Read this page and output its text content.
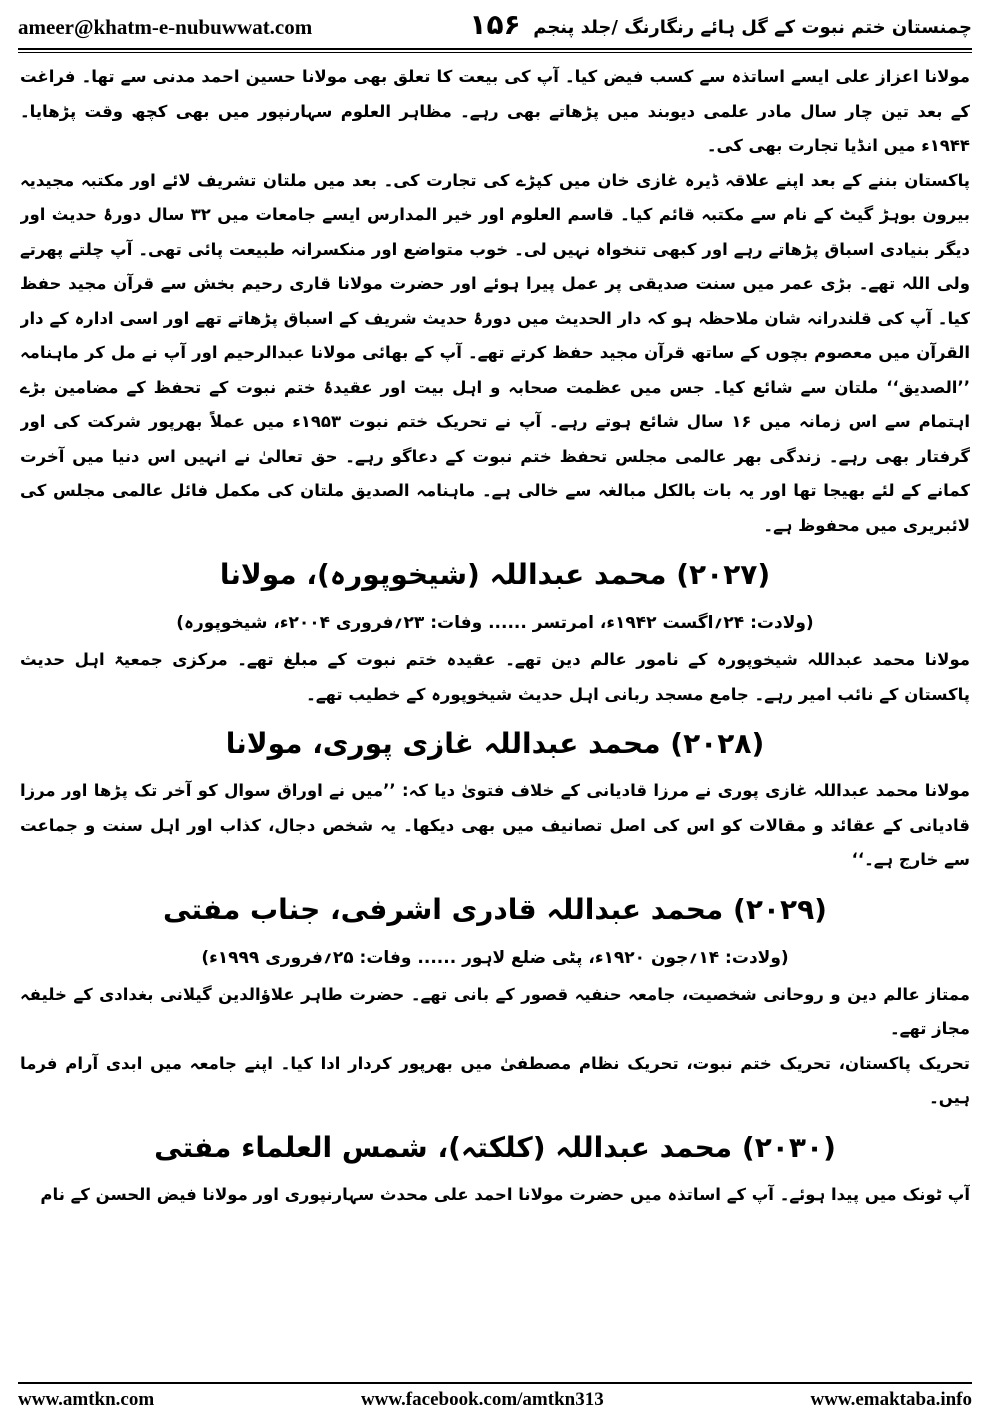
ameer@khatm-e-nubuwwat.com	۱۵۶ چمنستان ختم نبوت کے گل ہائے رنگارنگ /جلد پنجم

مولانا اعزاز علی ایسے اساتذہ سے کسب فیض کیا۔ آپ کی بیعت کا تعلق بھی مولانا حسین احمد مدنی سے تھا۔ فراغت کے بعد تین چار سال مادر علمی دیوبند میں پڑھاتے بھی رہے۔ مظاہر العلوم سہارنپور میں بھی کچھ وقت پڑھایا۔ ۱۹۴۴ء میں انڈیا تجارت بھی کی۔

پاکستان بننے کے بعد اپنے علاقہ ڈیرہ غازی خان میں کپڑے کی تجارت کی۔ بعد میں ملتان تشریف لائے اور مکتبہ مجیدیہ بیرون بوہڑ گیٹ کے نام سے مکتبہ قائم کیا۔ قاسم العلوم اور خیر المدارس ایسے جامعات میں ۳۲ سال دورۂ حدیث اور دیگر بنیادی اسباق پڑھاتے رہے اور کبھی تنخواہ نہیں لی۔ خوب متواضع اور منکسرانہ طبیعت پائی تھی۔ آپ چلتے پھرتے ولی اللہ تھے۔ بڑی عمر میں سنت صدیقی پر عمل پیرا ہوئے اور حضرت مولانا قاری رحیم بخش سے قرآن مجید حفظ کیا۔ آپ کی قلندرانہ شان ملاحظہ ہو کہ دار الحدیث میں دورۂ حدیث شریف کے اسباق پڑھاتے تھے اور اسی ادارہ کے دار القرآن میں معصوم بچوں کے ساتھ قرآن مجید حفظ کرتے تھے۔ آپ کے بھائی مولانا عبدالرحیم اور آپ نے مل کر ماہنامہ ’’الصدیق‘‘ ملتان سے شائع کیا۔ جس میں عظمت صحابہ و اہل بیت اور عقیدۂ ختم نبوت کے تحفظ کے مضامین بڑے اہتمام سے اس زمانہ میں ۱۶ سال شائع ہوتے رہے۔ آپ نے تحریک ختم نبوت ۱۹۵۳ء میں عملاً بھرپور شرکت کی اور گرفتار بھی رہے۔ زندگی بھر عالمی مجلس تحفظ ختم نبوت کے دعاگو رہے۔ حق تعالیٰ نے انہیں اس دنیا میں آخرت کمانے کے لئے بھیجا تھا اور یہ بات بالکل مبالغہ سے خالی ہے۔ ماہنامہ الصدیق ملتان کی مکمل فائل عالمی مجلس کی لائبریری میں محفوظ ہے۔

(۲۰۲۷) محمد عبداللہ (شیخوپورہ)، مولانا
(ولادت: ۲۴؍اگست ۱۹۴۲ء، امرتسر ...... وفات: ۲۳؍فروری ۲۰۰۴ء، شیخوپورہ)

مولانا محمد عبداللہ شیخوپورہ کے نامور عالم دین تھے۔ عقیدہ ختم نبوت کے مبلغ تھے۔ مرکزی جمعیۃ اہل حدیث پاکستان کے نائب امیر رہے۔ جامع مسجد ربانی اہل حدیث شیخوپورہ کے خطیب تھے۔

(۲۰۲۸) محمد عبداللہ غازی پوری، مولانا

مولانا محمد عبداللہ غازی پوری نے مرزا قادیانی کے خلاف فتویٰ دیا کہ: ’’میں نے اوراق سوال کو آخر تک پڑھا اور مرزا قادیانی کے عقائد و مقالات کو اس کی اصل تصانیف میں بھی دیکھا۔ یہ شخص دجال، کذاب اور اہل سنت و جماعت سے خارج ہے۔‘‘

(۲۰۲۹) محمد عبداللہ قادری اشرفی، جناب مفتی
(ولادت: ۱۴؍جون ۱۹۲۰ء، پٹی ضلع لاہور ...... وفات: ۲۵؍فروری ۱۹۹۹ء)

ممتاز عالم دین و روحانی شخصیت، جامعہ حنفیہ قصور کے بانی تھے۔ حضرت طاہر علاؤالدین گیلانی بغدادی کے خلیفہ مجاز تھے۔

تحریک پاکستان، تحریک ختم نبوت، تحریک نظام مصطفیٰ میں بھرپور کردار ادا کیا۔ اپنے جامعہ میں ابدی آرام فرما ہیں۔

(۲۰۳۰) محمد عبداللہ (کلکتہ)، شمس العلماء مفتی

آپ ٹونک میں پیدا ہوئے۔ آپ کے اساتذہ میں حضرت مولانا احمد علی محدث سہارنپوری اور مولانا فیض الحسن کے نام

www.amtkn.com	www.facebook.com/amtkn313	www.emaktaba.info
